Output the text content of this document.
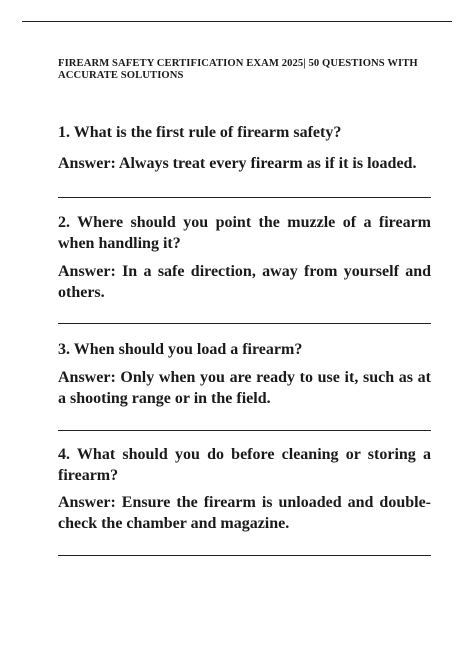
FIREARM SAFETY CERTIFICATION EXAM 2025| 50 QUESTIONS WITH ACCURATE SOLUTIONS
1. What is the first rule of firearm safety?
Answer: Always treat every firearm as if it is loaded.
2. Where should you point the muzzle of a firearm when handling it?
Answer: In a safe direction, away from yourself and others.
3. When should you load a firearm?
Answer: Only when you are ready to use it, such as at a shooting range or in the field.
4. What should you do before cleaning or storing a firearm?
Answer: Ensure the firearm is unloaded and double-check the chamber and magazine.
